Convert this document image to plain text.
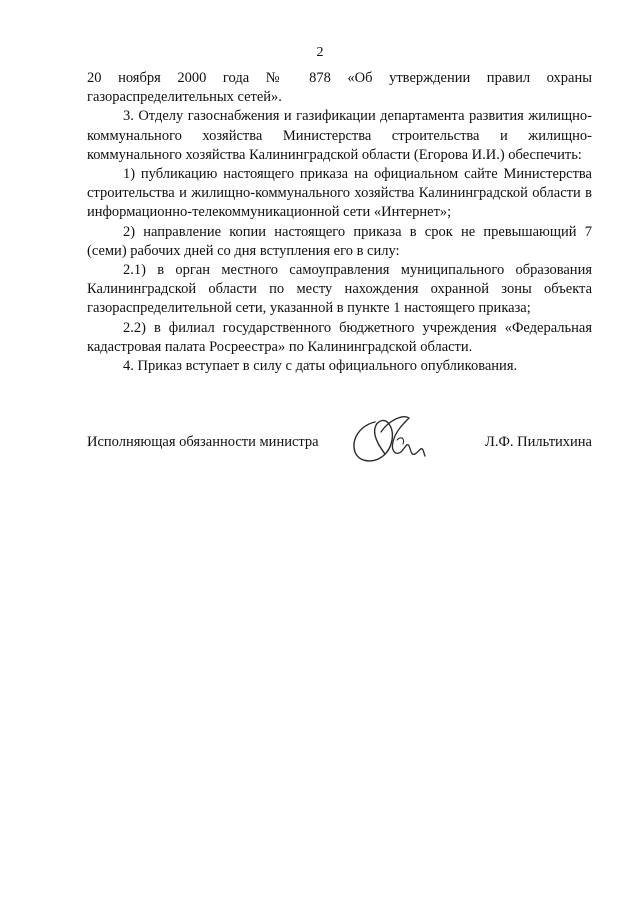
2

20 ноября 2000 года № 878 «Об утверждении правил охраны газораспределительных сетей».

3. Отделу газоснабжения и газификации департамента развития жилищно-коммунального хозяйства Министерства строительства и жилищно-коммунального хозяйства Калининградской области (Егорова И.И.) обеспечить:

1) публикацию настоящего приказа на официальном сайте Министерства строительства и жилищно-коммунального хозяйства Калининградской области в информационно-телекоммуникационной сети «Интернет»;

2) направление копии настоящего приказа в срок не превышающий 7 (семи) рабочих дней со дня вступления его в силу:

2.1) в орган местного самоуправления муниципального образования Калининградской области по месту нахождения охранной зоны объекта газораспределительной сети, указанной в пункте 1 настоящего приказа;

2.2) в филиал государственного бюджетного учреждения «Федеральная кадастровая палата Росреестра» по Калининградской области.

4. Приказ вступает в силу с даты официального опубликования.

Исполняющая обязанности министра	Л.Ф. Пильтихина
